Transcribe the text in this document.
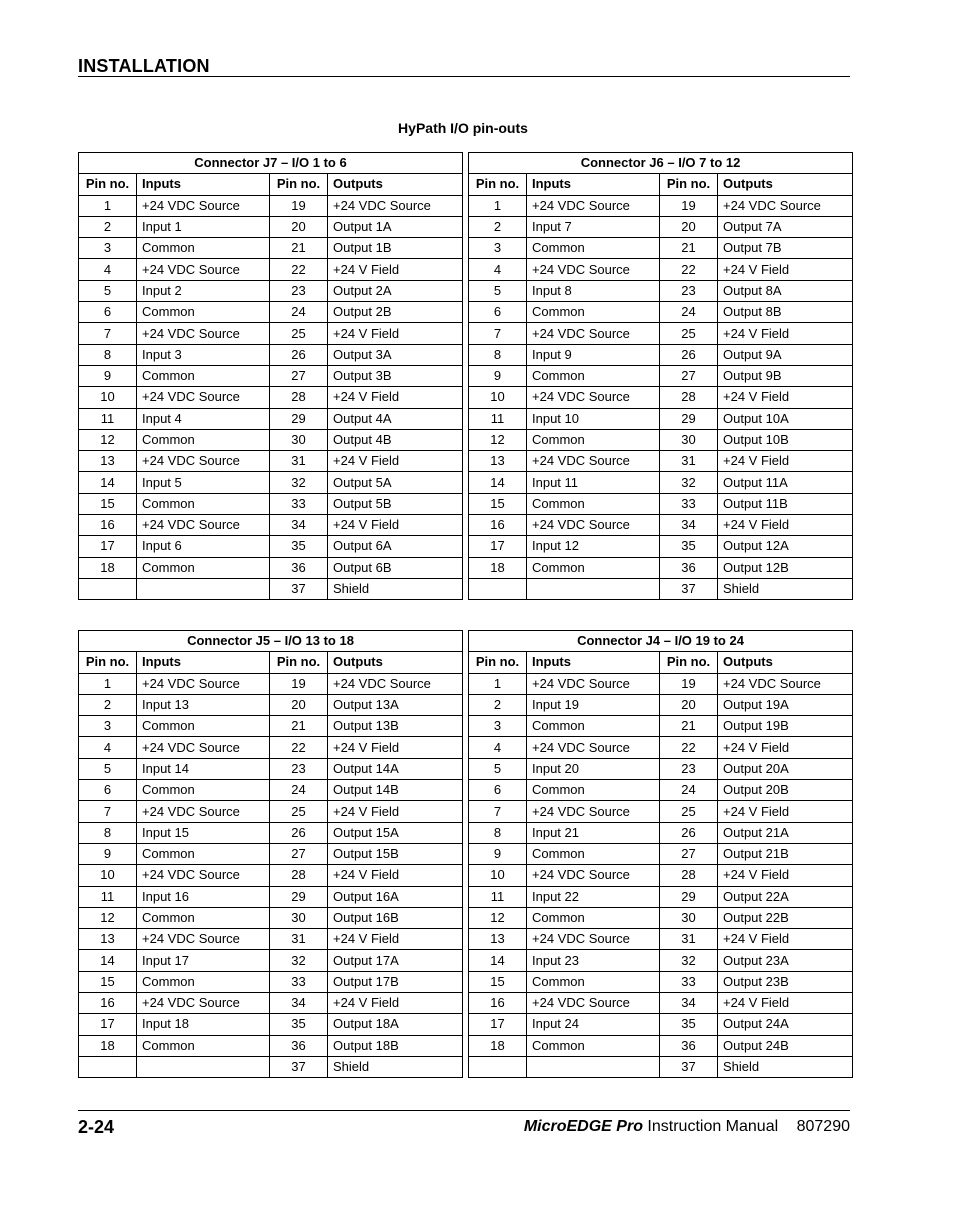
INSTALLATION
HyPath I/O pin-outs
Connector J7 – I/O 1 to 6			
Pin no.	Inputs	Pin no.	Outputs
1	+24 VDC Source	19	+24 VDC Source
2	Input 1	20	Output 1A
3	Common	21	Output 1B
4	+24 VDC Source	22	+24 V Field
5	Input 2	23	Output 2A
6	Common	24	Output 2B
7	+24 VDC Source	25	+24 V Field
8	Input 3	26	Output 3A
9	Common	27	Output 3B
10	+24 VDC Source	28	+24 V Field
11	Input 4	29	Output 4A
12	Common	30	Output 4B
13	+24 VDC Source	31	+24 V Field
14	Input 5	32	Output 5A
15	Common	33	Output 5B
16	+24 VDC Source	34	+24 V Field
17	Input 6	35	Output 6A
18	Common	36	Output 6B
		37	Shield
Connector J6 – I/O 7 to 12			
Pin no.	Inputs	Pin no.	Outputs
1	+24 VDC Source	19	+24 VDC Source
2	Input 7	20	Output 7A
3	Common	21	Output 7B
4	+24 VDC Source	22	+24 V Field
5	Input 8	23	Output 8A
6	Common	24	Output 8B
7	+24 VDC Source	25	+24 V Field
8	Input 9	26	Output 9A
9	Common	27	Output 9B
10	+24 VDC Source	28	+24 V Field
11	Input 10	29	Output 10A
12	Common	30	Output 10B
13	+24 VDC Source	31	+24 V Field
14	Input 11	32	Output 11A
15	Common	33	Output 11B
16	+24 VDC Source	34	+24 V Field
17	Input 12	35	Output 12A
18	Common	36	Output 12B
		37	Shield
Connector J5 – I/O 13 to 18			
Pin no.	Inputs	Pin no.	Outputs
1	+24 VDC Source	19	+24 VDC Source
2	Input 13	20	Output 13A
3	Common	21	Output 13B
4	+24 VDC Source	22	+24 V Field
5	Input 14	23	Output 14A
6	Common	24	Output 14B
7	+24 VDC Source	25	+24 V Field
8	Input 15	26	Output 15A
9	Common	27	Output 15B
10	+24 VDC Source	28	+24 V Field
11	Input 16	29	Output 16A
12	Common	30	Output 16B
13	+24 VDC Source	31	+24 V Field
14	Input 17	32	Output 17A
15	Common	33	Output 17B
16	+24 VDC Source	34	+24 V Field
17	Input 18	35	Output 18A
18	Common	36	Output 18B
		37	Shield
Connector J4 – I/O 19 to 24			
Pin no.	Inputs	Pin no.	Outputs
1	+24 VDC Source	19	+24 VDC Source
2	Input 19	20	Output 19A
3	Common	21	Output 19B
4	+24 VDC Source	22	+24 V Field
5	Input 20	23	Output 20A
6	Common	24	Output 20B
7	+24 VDC Source	25	+24 V Field
8	Input 21	26	Output 21A
9	Common	27	Output 21B
10	+24 VDC Source	28	+24 V Field
11	Input 22	29	Output 22A
12	Common	30	Output 22B
13	+24 VDC Source	31	+24 V Field
14	Input 23	32	Output 23A
15	Common	33	Output 23B
16	+24 VDC Source	34	+24 V Field
17	Input 24	35	Output 24A
18	Common	36	Output 24B
		37	Shield
2-24	MicroEDGE Pro Instruction Manual 807290
